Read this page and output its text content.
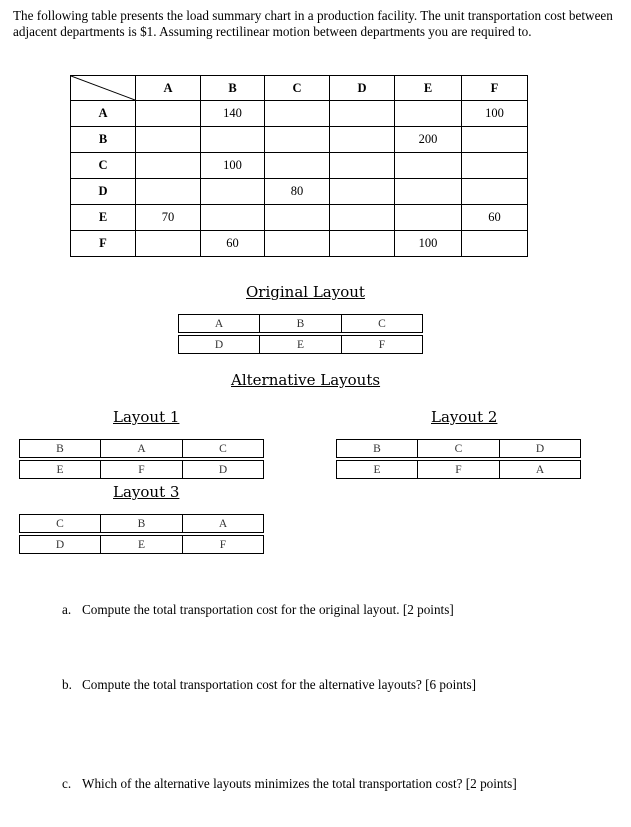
The following table presents the load summary chart in a production facility. The unit transportation cost between adjacent departments is $1. Assuming rectilinear motion between departments you are required to.
	A	B	C	D	E	F
A		140				100
B					200	
C		100				
D			80			
E	70					60
F		60			100	
Original Layout
A	B	C

D	E	F
Alternative Layouts
Layout 1
B	A	C

E	F	D
Layout 2
B	C	D

E	F	A
Layout 3
C	B	A

D	E	F
a. Compute the total transportation cost for the original layout. [2 points]
b. Compute the total transportation cost for the alternative layouts? [6 points]
c. Which of the alternative layouts minimizes the total transportation cost? [2 points]
